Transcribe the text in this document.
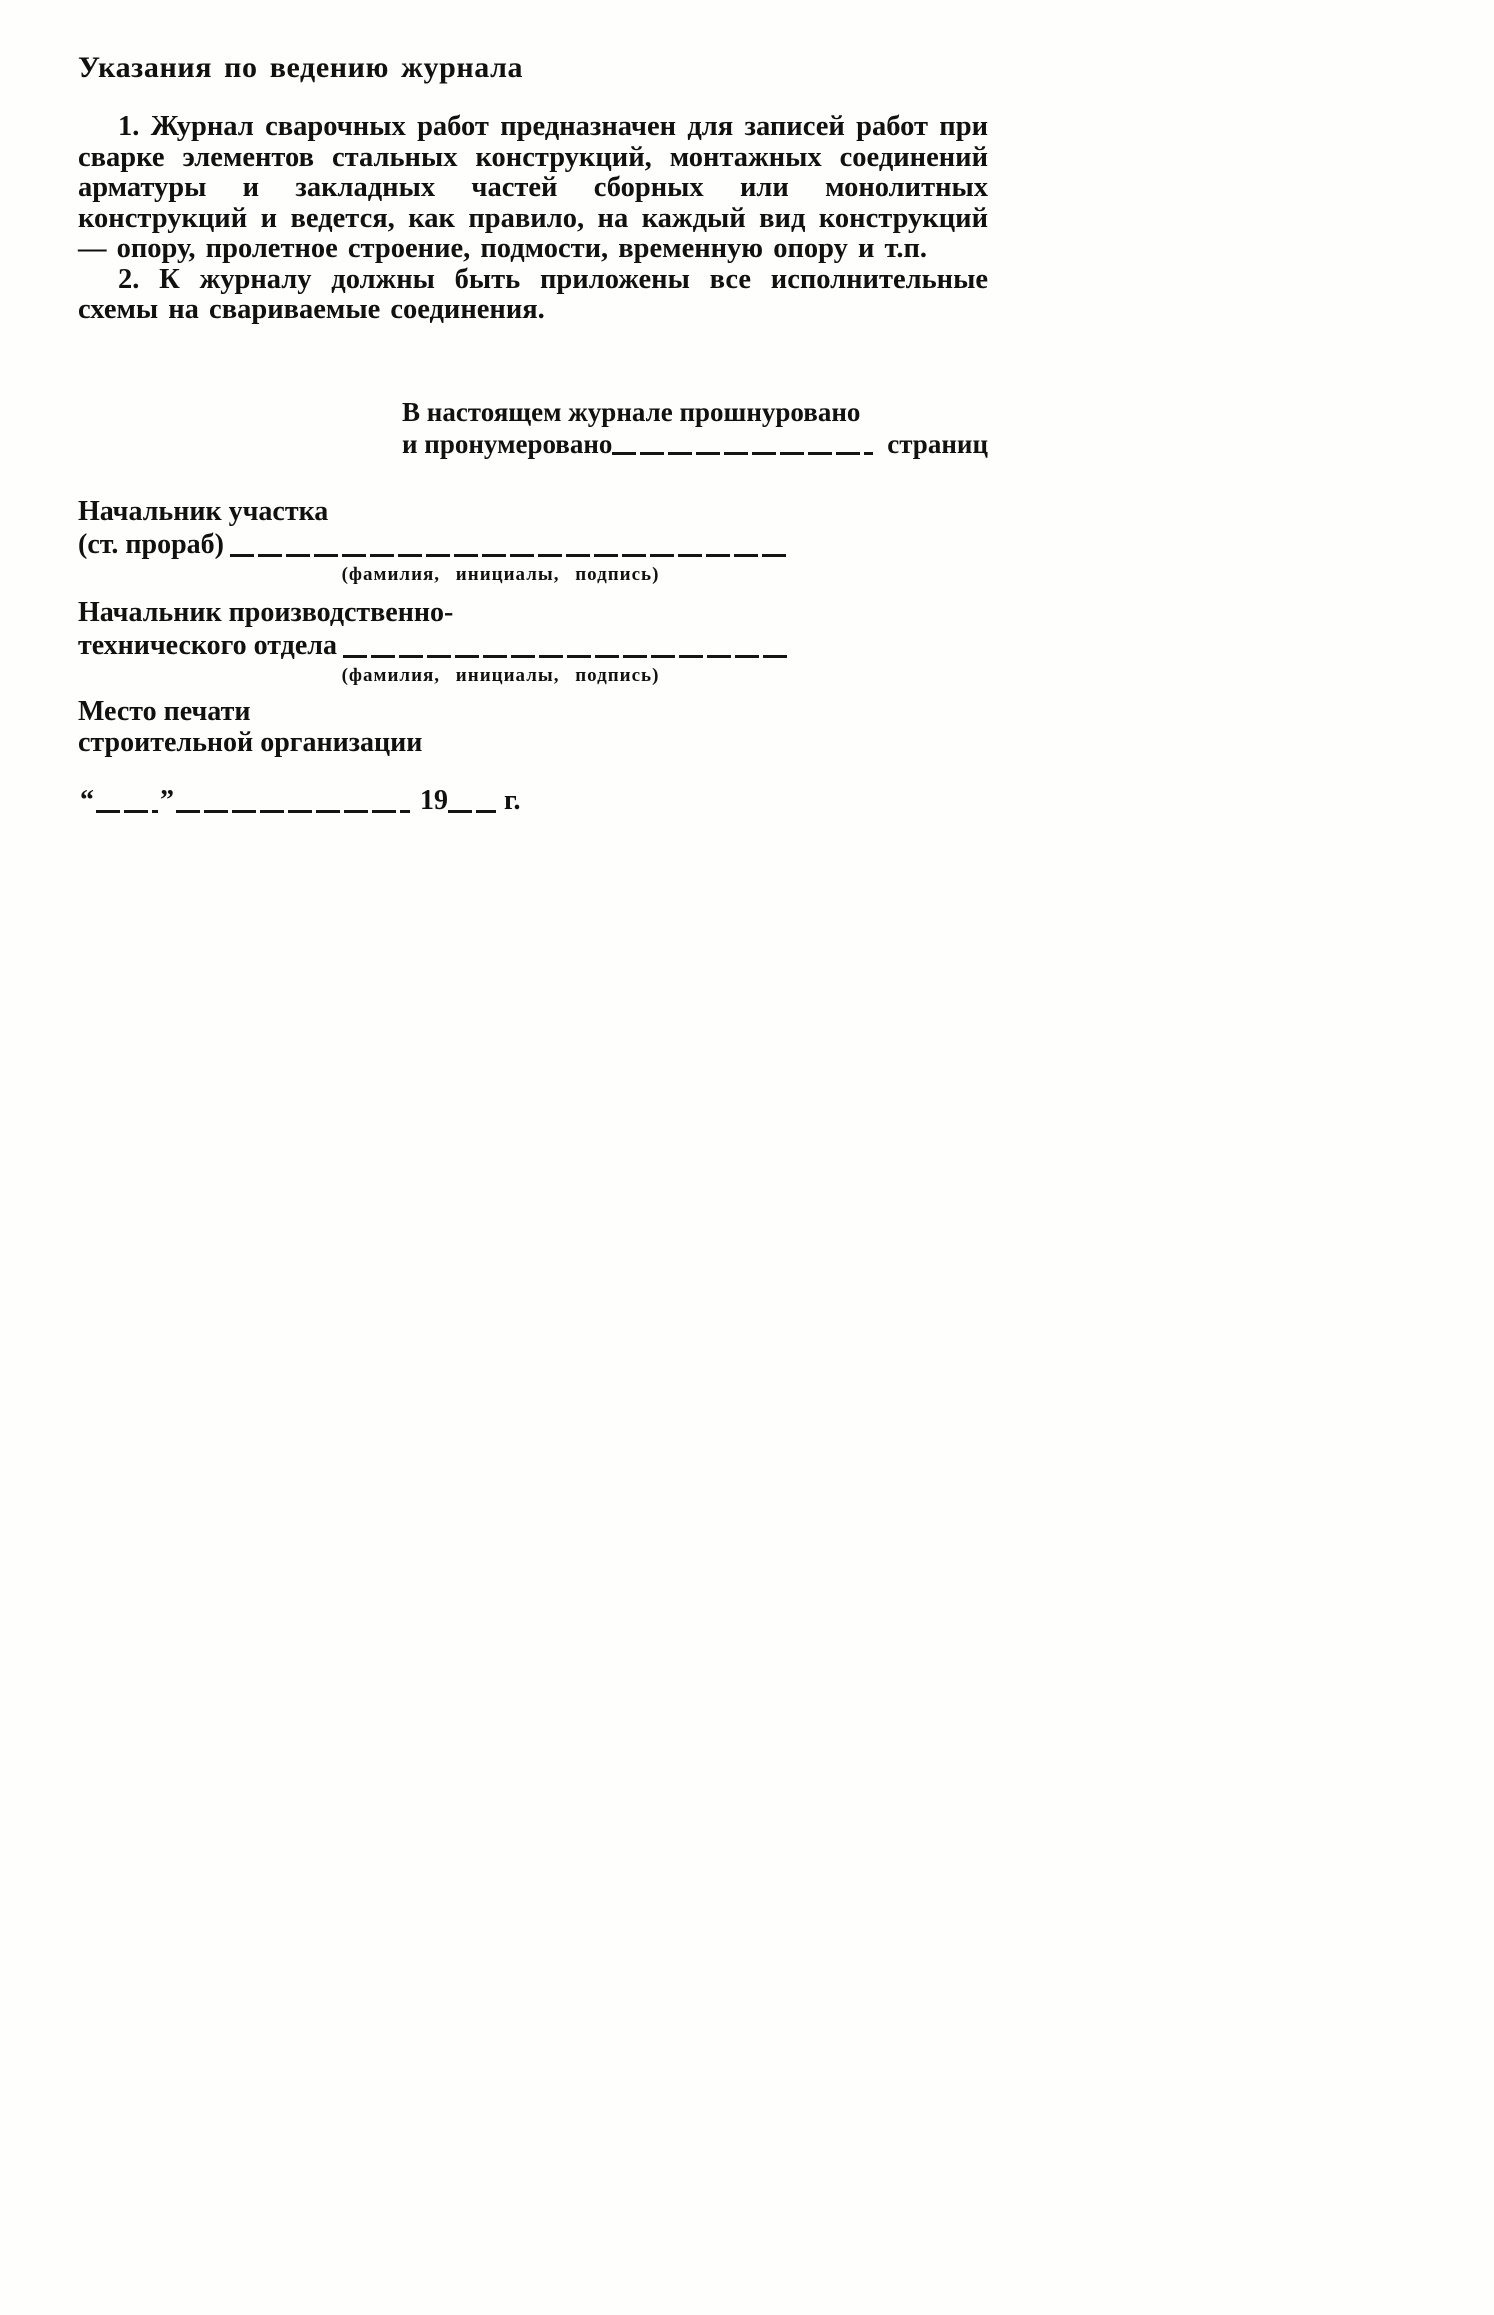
Указания по ведению журнала

1. Журнал сварочных работ предназначен для записей работ при сварке элементов стальных конструкций, монтажных соединений арматуры и закладных частей сборных или монолитных конструкций и ведется, как правило, на каждый вид конструкций — опору, пролетное строение, подмости, временную опору и т.п.

2. К журналу должны быть приложены все исполнительные схемы на свариваемые соединения.

В настоящем журнале прошнуровано
и пронумеровано	страниц
Начальник участка
(ст. прораб)
(фамилия, инициалы, подпись)
Начальник производственно-
технического отдела
(фамилия, инициалы, подпись)
Место печати
строительной организации
“ ”	19 г.
